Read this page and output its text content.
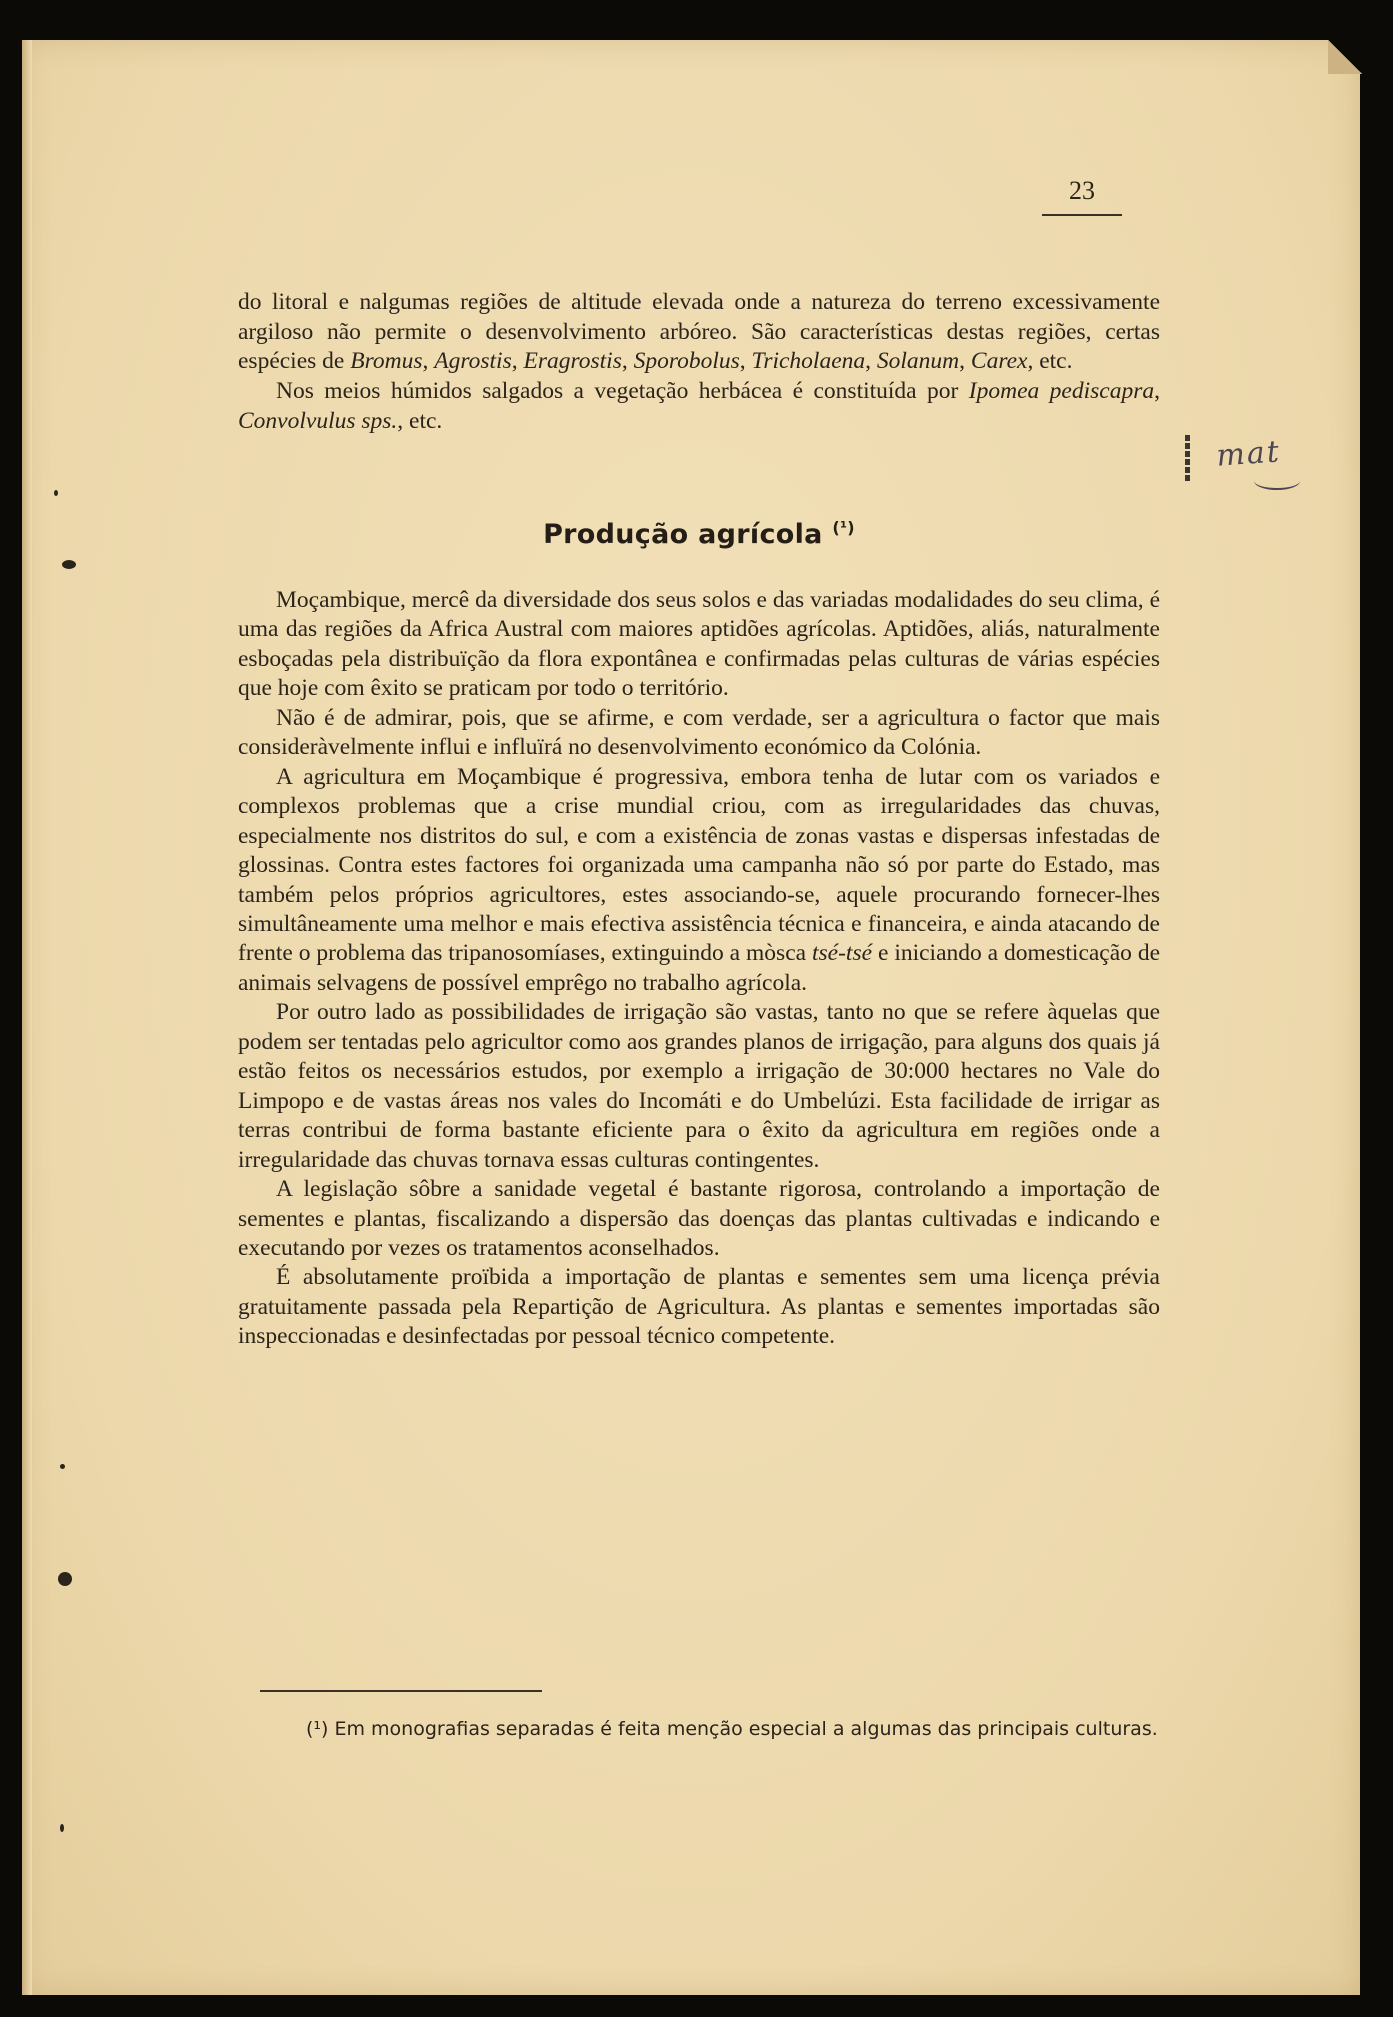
23

do litoral e nalgumas regiões de altitude elevada onde a natureza do terreno excessivamente argiloso não permite o desenvolvimento arbóreo. São características destas regiões, certas espécies de Bromus, Agrostis, Eragrostis, Sporobolus, Tricholaena, Solanum, Carex, etc.

Nos meios húmidos salgados a vegetação herbácea é constituída por Ipomea pediscapra, Convolvulus sps., etc.

mat
Produção agrícola $^{(^1)}$

Moçambique, mercê da diversidade dos seus solos e das variadas modalidades do seu clima, é uma das regiões da Africa Austral com maiores aptidões agrícolas. Aptidões, aliás, naturalmente esboçadas pela distribuïção da flora expontânea e confirmadas pelas culturas de várias espécies que hoje com êxito se praticam por todo o território.

Não é de admirar, pois, que se afirme, e com verdade, ser a agricultura o factor que mais consideràvelmente influi e influïrá no desenvolvimento económico da Colónia.

A agricultura em Moçambique é progressiva, embora tenha de lutar com os variados e complexos problemas que a crise mundial criou, com as irregularidades das chuvas, especialmente nos distritos do sul, e com a existência de zonas vastas e dispersas infestadas de glossinas. Contra estes factores foi organizada uma campanha não só por parte do Estado, mas também pelos próprios agricultores, estes associando-se, aquele procurando fornecer-lhes simultâneamente uma melhor e mais efectiva assistência técnica e financeira, e ainda atacando de frente o problema das tripanosomíases, extinguindo a mòsca tsé-tsé e iniciando a domesticação de animais selvagens de possível emprêgo no trabalho agrícola.

Por outro lado as possibilidades de irrigação são vastas, tanto no que se refere àquelas que podem ser tentadas pelo agricultor como aos grandes planos de irrigação, para alguns dos quais já estão feitos os necessários estudos, por exemplo a irrigação de 30:000 hectares no Vale do Limpopo e de vastas áreas nos vales do Incomáti e do Umbelúzi. Esta facilidade de irrigar as terras contribui de forma bastante eficiente para o êxito da agricultura em regiões onde a irregularidade das chuvas tornava essas culturas contingentes.

A legislação sôbre a sanidade vegetal é bastante rigorosa, controlando a importação de sementes e plantas, fiscalizando a dispersão das doenças das plantas cultivadas e indicando e executando por vezes os tratamentos aconselhados.

É absolutamente proïbida a importação de plantas e sementes sem uma licença prévia gratuitamente passada pela Repartição de Agricultura. As plantas e sementes importadas são inspeccionadas e desinfectadas por pessoal técnico competente.

(¹) Em monografias separadas é feita menção especial a algumas das principais culturas.
